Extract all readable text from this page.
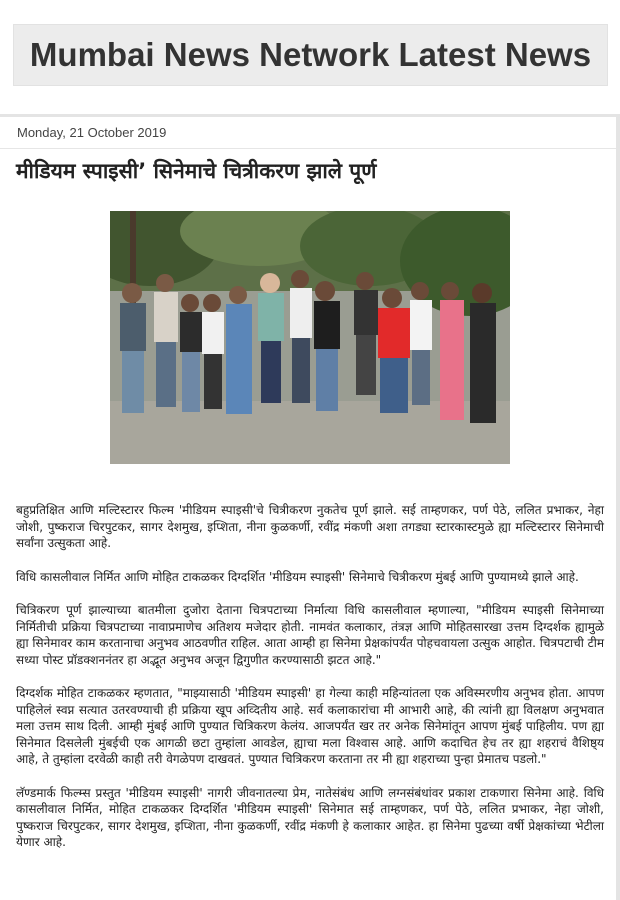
Mumbai News Network Latest News
Monday, 21 October 2019
मीडियम स्पाइसी’ सिनेमाचे चित्रीकरण झाले पूर्ण

बहुप्रतिक्षित आणि मल्टिस्टारर फिल्म 'मीडियम स्पाइसी'चे चित्रीकरण नुकतेच पूर्ण झाले. सई ताम्हणकर, पर्ण पेठे, ललित प्रभाकर, नेहा जोशी, पुष्कराज चिरपुटकर, सागर देशमुख, इप्शिता, नीना कुळकर्णी, रवींद्र मंकणी अशा तगड्या स्टारकास्टमुळे ह्या मल्टिस्टारर सिनेमाची सर्वांना उत्सुकता आहे.

विधि कासलीवाल निर्मित आणि मोहित टाकळकर दिग्दर्शित 'मीडियम स्पाइसी' सिनेमाचे चित्रीकरण मुंबई आणि पुण्यामध्ये झाले आहे.

चित्रिकरण पूर्ण झाल्याच्या बातमीला दुजोरा देताना चित्रपटाच्या निर्मात्या विधि कासलीवाल म्हणाल्या, "मीडियम स्पाइसी सिनेमाच्या निर्मितीची प्रक्रिया चित्रपटाच्या नावाप्रमाणेच अतिशय मजेदार होती. नामवंत कलाकार, तंत्रज्ञ आणि मोहितसारखा उत्तम दिग्दर्शक ह्यामुळे ह्या सिनेमावर काम करतानाचा अनुभव आठवणीत राहिल. आता आम्ही हा सिनेमा प्रेक्षकांपर्यंत पोहचवायला उत्सुक आहोत. चित्रपटाची टीम सध्या पोस्ट प्रॉडक्शननंतर हा अद्भूत अनुभव अजून द्विगुणीत करण्यासाठी झटत आहे."

दिग्दर्शक मोहित टाकळकर म्हणतात, "माझ्यासाठी 'मीडियम स्पाइसी' हा गेल्या काही महिन्यांतला एक अविस्मरणीय अनुभव होता. आपण पाहिलेलं स्वप्न सत्यात उतरवण्याची ही प्रक्रिया खूप अव्दितीय आहे. सर्व कलाकारांचा मी आभारी आहे, की त्यांनी ह्या विलक्षण अनुभवात मला उत्तम साथ दिली. आम्ही मुंबई आणि पुण्यात चित्रिकरण केलंय. आजपर्यंत खर तर अनेक सिनेमांतून आपण मुंबई पाहिलीय. पण ह्या सिनेमात दिसलेली मुंबईची एक आगळी छटा तुम्हांला आवडेल, ह्याचा मला विश्वास आहे. आणि कदाचित हेच तर ह्या शहराचं वैशिष्ठ्य आहे, ते तुम्हांला दरवेळी काही तरी वेगळेपण दाखवतं. पुण्यात चित्रिकरण करताना तर मी ह्या शहराच्या पुन्हा प्रेमातच पडलो."

लॅण्डमार्क फिल्म्स प्रस्तुत 'मीडियम स्पाइसी' नागरी जीवनातल्या प्रेम, नातेसंबंध आणि लग्नसंबंधांवर प्रकाश टाकणारा सिनेमा आहे. विधि कासलीवाल निर्मित, मोहित टाकळकर दिग्दर्शित 'मीडियम स्पाइसी' सिनेमात सई ताम्हणकर, पर्ण पेठे, ललित प्रभाकर, नेहा जोशी, पुष्कराज चिरपुटकर, सागर देशमुख, इप्शिता, नीना कुळकर्णी, रवींद्र मंकणी हे कलाकार आहेत. हा सिनेमा पुढच्या वर्षी प्रेक्षकांच्या भेटीला येणार आहे.
